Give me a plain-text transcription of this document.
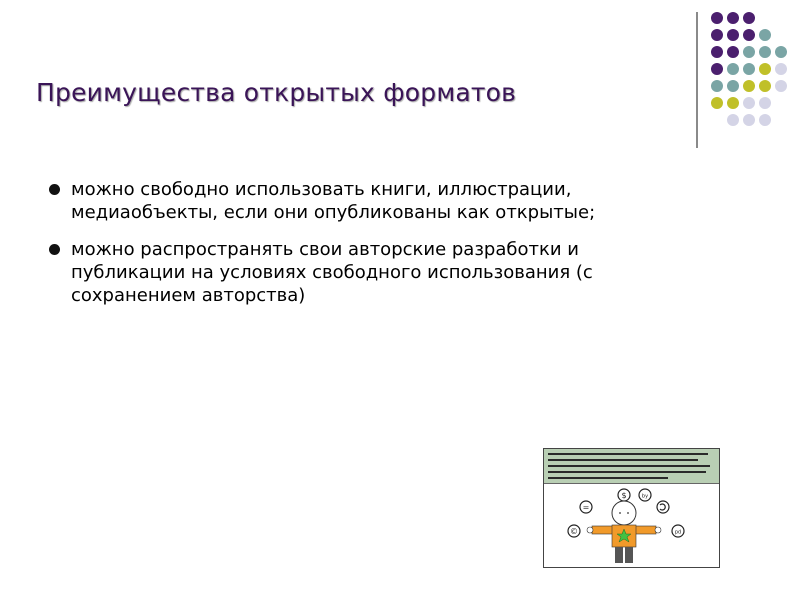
Преимущества открытых форматов
можно свободно использовать книги, иллюстрации, медиаобъекты, если они опубликованы как открытые;
можно распространять свои авторские разработки и публикации на условиях свободного использования (с сохранением авторства)
$	by
=
©	pd
